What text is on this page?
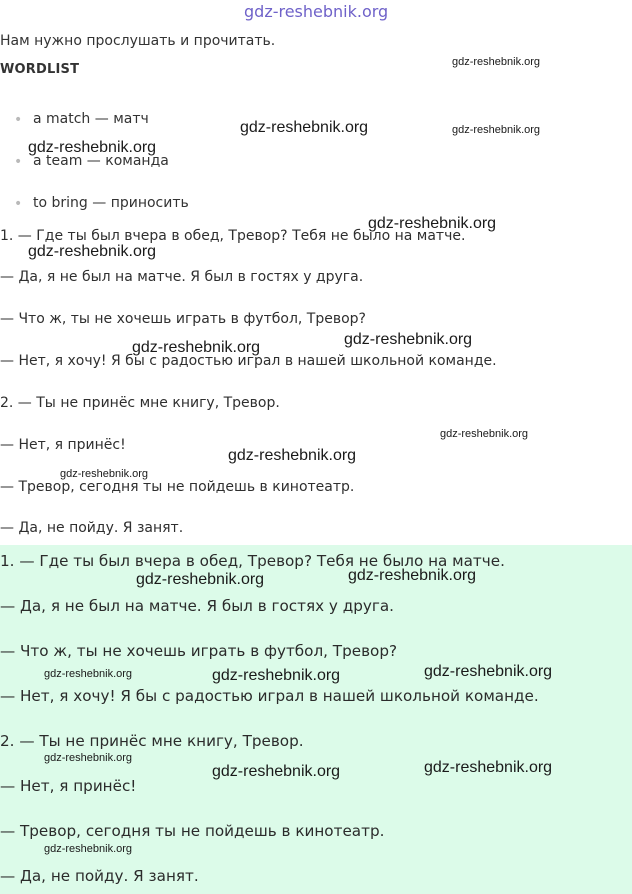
gdz-reshebnik.org
Нам нужно прослушать и прочитать.
WORDLIST
• a match — матч
• a team — команда
• to bring — приносить
1. — Где ты был вчера в обед, Тревор? Тебя не было на матче.
— Да, я не был на матче. Я был в гостях у друга.
— Что ж, ты не хочешь играть в футбол, Тревор?
— Нет, я хочу! Я бы с радостью играл в нашей школьной команде.
2. — Ты не принёс мне книгу, Тревор.
— Нет, я принёс!
— Тревор, сегодня ты не пойдешь в кинотеатр.
— Да, не пойду. Я занят.
1. — Где ты был вчера в обед, Тревор? Тебя не было на матче.
— Да, я не был на матче. Я был в гостях у друга.
— Что ж, ты не хочешь играть в футбол, Тревор?
— Нет, я хочу! Я бы с радостью играл в нашей школьной команде.
2. — Ты не принёс мне книгу, Тревор.
— Нет, я принёс!
— Тревор, сегодня ты не пойдешь в кинотеатр.
— Да, не пойду. Я занят.
gdz-reshebnik.org
gdz-reshebnik.org	gdz-reshebnik.org
gdz-reshebnik.org
gdz-reshebnik.org
gdz-reshebnik.org
gdz-reshebnik.org
gdz-reshebnik.org
gdz-reshebnik.org
gdz-reshebnik.org
gdz-reshebnik.org
gdz-reshebnik.org	gdz-reshebnik.org
gdz-reshebnik.org	gdz-reshebnik.org	gdz-reshebnik.org
gdz-reshebnik.org
gdz-reshebnik.org	gdz-reshebnik.org
gdz-reshebnik.org
